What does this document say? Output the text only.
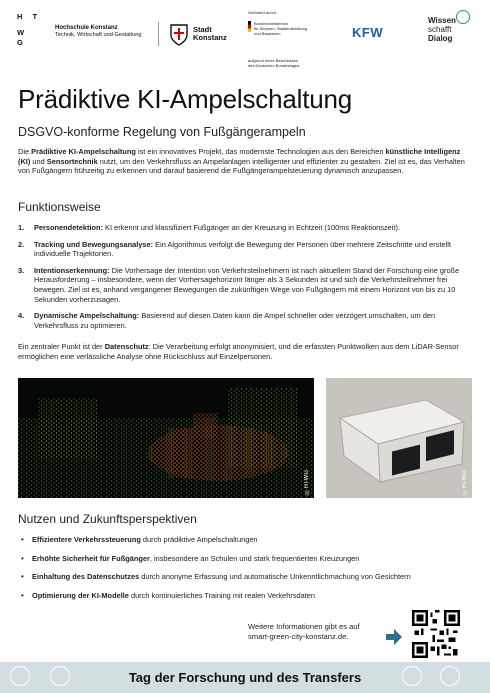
H T
W G
Hochschule Konstanz
Technik, Wirtschaft und Gestaltung
Stadt
Konstanz
Gefördert durch:
Bundesministerium
für Wohnen, Stadtentwicklung
und Bauwesen
aufgrund eines Beschlusses
des Deutschen Bundestages
KFW
Wissen
schafft
Dialog
Prädiktive KI-Ampelschaltung
DSGVO-konforme Regelung von Fußgängerampeln

Die Prädiktive KI-Ampelschaltung ist ein innovatives Projekt, das modernste Technologien aus den Bereichen künstliche Intelligenz (KI) und Sensortechnik nutzt, um den Verkehrsfluss an Ampelanlagen intelligenter und effizienter zu gestalten. Ziel ist es, das Verhalten von Fußgängern frühzeitig zu erkennen und darauf basierend die Fußgängerampelsteuerung dynamisch anzupassen.

Funktionsweise
1. Personendetektion: KI erkennt und klassifiziert Fußgänger an der Kreuzung in Echtzeit (100ms Reaktionszeit).
2. Tracking und Bewegungsanalyse: Ein Algorithmus verfolgt die Bewegung der Personen über mehrere Zeitschritte und erstellt individuelle Trajektorien.
3. Intentionserkennung: Die Vorhersage der Intention von Verkehrsteilnehmern ist nach aktuellem Stand der Forschung eine große Herausforderung – insbesondere, wenn der Vorhersagehorizont länger als 3 Sekunden ist und sich die Verkehrsteilnehmer frei bewegen. Ziel ist es, anhand vergangener Bewegungen die zukünftigen Wege von Fußgängern mit einem Horizont von bis zu 10 Sekunden vorherzusagen.
4. Dynamische Ampelschaltung: Basierend auf diesen Daten kann die Ampel schneller oder verzögert umschalten, um den Verkehrsfluss zu optimieren.

Ein zentraler Punkt ist der Datenschutz: Die Verarbeitung erfolgt anonymisiert, und die erfassten Punktwolken aus dem LiDAR-Sensor ermöglichen eine verlässliche Analyse ohne Rückschluss auf Einzelpersonen.

©HTWG	©HTWG
Nutzen und Zukunftsperspektiven
• Effizientere Verkehrssteuerung durch prädiktive Ampelschaltungen
• Erhöhte Sicherheit für Fußgänger, insbesondere an Schulen und stark frequentierten Kreuzungen
• Einhaltung des Datenschutzes durch anonyme Erfassung und automatische Unkenntlichmachung von Gesichtern
• Optimierung der KI-Modelle durch kontinuierliches Training mit realen Verkehrsdaten
Weitere Informationen gibt es auf
smart-green-city-konstanz.de.
Tag der Forschung und des Transfers
